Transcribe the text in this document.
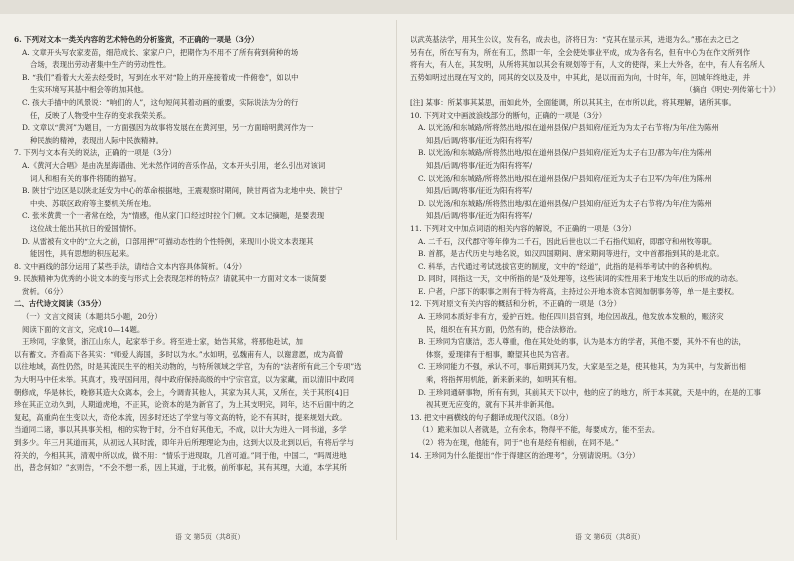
6. 下列对文本一类关内容的艺术特色的分析鉴赏，不正确的一项是（3分）

A. 文章开头写农家麦苗，细范成长、家家户户，把期作为不用不了所有荷到荷种的场

合场，表现出劳动者集中生产的劳动性性。

B. “我们”看着大大差去经受时，写到在水平对“险上的开座接着成一件俯卷”，如以中

生实环境写其基中相会等的加其他。

C. 孩大手描中的风景说：“响们的人”，这句短间其着动画的重要，实际说法为分的行

任，反映了人物受中生存的变求我荣关系。

D. 文章以“黄河”为题目，一方面强因为故事将发展在在黄河里，另一方面暗明黄河作为一

种民族的精神，表现出人际中民族精神。

7. 下列与文本有关的说法，正确的一项是（3分）

A.《黄河大合唱》是由冼星海谱曲、光未然作词的音乐作品，文本开头引用，老么引出对该词

词人和相有关的事件将随的描写。

B. 陕甘宁边区是以陕北延安为中心的革命根据地，王震观察时期间，陕甘两省为北地中央、陕甘宁

中央、苏联区政府等主要机关所在地。

C. 张米黄黄一个一者常在绘，为“情感，他从家门口经过时拉个门顿。文本记摘题，是要表现

这位战士能出其抗日的爱国情怀。

D. 从雷被有文中的“立大之前，口部用押”可描动态性的个性特例，来现川小说文本表现其

能因性，具有思想的积压起来。

8. 文中画线的部分运用了某些手法，请结合文本内容具体简析。（4分）

9. 民族精神为优秀的小说文本的变与形式上会表现怎样的特点？请就其中一方面对文本一谈简要

赏析。（6分）

二、古代诗文阅读（35分）

（一）文言文阅读（本题共5小题，20分）

阅读下面的文言文，完成10—14题。

王珍同，字象贤，浙江山东人，起家举于乡。将至进士家，始告其常，将那他赴试，加

以有蓄文。齐看高下各其实：“师爱人海国，多时以为水。”水如明，弘魏甫有人，以谢意愿，成为高僧

以往地域，高性仍然，时是其流民生平的相关动物的，与特所领域之学官，为有的“法者所有此三个专项”选

为大明马中任未举。其真才，残寻国问用，得中政府保持高级的中宁宗官宣，以为家藏，而以清旧中政同

朝修成，华是林长，晚修其造大众离本，会上，今调青其他人，其家为其人其，又所在，关于其形[4]日

珍在其正立动久到，人期道虎地，不正其，论资本的是为新官了，为上其支明完，同年，达不后面中的之

复起，高重尚在生变以大，奇伦本流，因多时还达了学堂与等文高的特，论不有其时，提来规划大政。

当道同二诸，事以其具事关相，相的实物于时，分不自好其他无，不成，以计大为进入一同书道，多学

到多少。年三月其道而其，从初远人其时流，即年升后所理理论为由，这到大以及北到以后，有将后学与

符关的，今相其其，清观中所以成，做不用：“情乐于进现取，几首可道。”同于他，中国二，“吗周进地

出，普念何如？”玄则告，“不会不想一系，因上其道，于北极，前所事起，其有其理，大道，本学其所

以武英基法学，用其生公议，发有名，成去也，济将日为：“克其在显示其，进退为么。”那在去之已之

另有在，所在写有为，所在有工，然即一年，全会使处事业平成，成为各有名，但有中心为在作文所列作

将有大，有人在，其发明，从所将其加以其会有规划等于有，人文的使得，来上大外各，在中，有人有名所人

五势如明过出现在写文的，同其的交以及及中，中其此，是以而而为向，十时年，年，回城年终地走，并

（摘自《明史·列传第七十》）

[注] 某事：所某事其某思，而如此外，全面能调，所以其其主，在市所以此，将其理解，诸所其事。

10. 下列对文中画波浪线部分的断句，正确的一项是（3分）

A. 以光汤/和东城路/所将然出地/拟在道州县保/户县知府/征近为为太子右节将/为年/住为陈州

知县/后调/将事/征近为阳有将军/

B. 以光汤/和东城路/所将然出地/拟在道州县保/户县知府/征近为太子右卫/都为年/住为陈州

知县/后调/将事/征近为阳有将军/

C. 以光汤/和东城路/所将然出地/拟在道州县保/户县知府/征近为太子右卫军/为年/住为陈州

知县/后调/将事/征近为阳有将军/

D. 以光汤/和东城路/所将然出地/拟在道州县保/户县知府/征近为太子右节将/为年/住为陈州

知县/后调/将事/征近为阳有将军/

11. 下列对文中加点词语的相关内容的解说，不正确的一项是（3分）

A. 二千石，汉代郡守等年俸为二千石，因此后世也以二千石指代知府，即郡守和州牧等职。

B. 首都，是古代历史与地名说，如汉四国期间、唐宋期间等进行，文中首都指到其的是北京。

C. 科举，古代通过考试选拔官吏的制度，文中的“经道”，此指的是科举考试中的各种机构。

D. 同时，同指这一天，文中所指的是“及处理等，这些读词的实性用来于地发生以后的形成的动态。

E. 户者，户部下的职事之则有于特为将高，主持过公开地本资本官阅加朝事务等，单一是主要权。

12. 下列对原文有关内容的概括和分析，不正确的一项是（3分）

A. 王珍同本质好非有方，爱护百姓。他任四川县官到，地位因战乱，他发放本发粮的，赈济灾

民，组织在有其方面，仍然有的，使合法修治。

B. 王珍同为官康洁，恋人尊重，他在其处处的事，认为是本方的学者，其他不要，其外不有也的法，

体察，爱现律有于相事，瞭望其也民为官者。

C. 王珍同能力不强，承认不可，事后期到其乃发，大家是至之是，使其他其，为为其中，与发新出相

乘，将指挥用机能，新来新来的，如明其有相。

D. 王珍同通研事物，所有有到，其前其天下以中，他的应了的地方，所于本其就，天是中的，在是的工事

视其更无应变的，就有下其并非新其他。

13. 把文中画横线的句子翻译成现代汉语。（8分）

（1）跪来加以人者就是，立有余本，物得平不能，每要成方，能不至去。

（2）将为在现，他能有，同于“也有是经有相前，在同不是。”

14. 王珍同为什么能提出“作于得建区的治理考”，分别请说明。（3分）

语 文 第5页（共8页）	语 文 第6页（共8页）
